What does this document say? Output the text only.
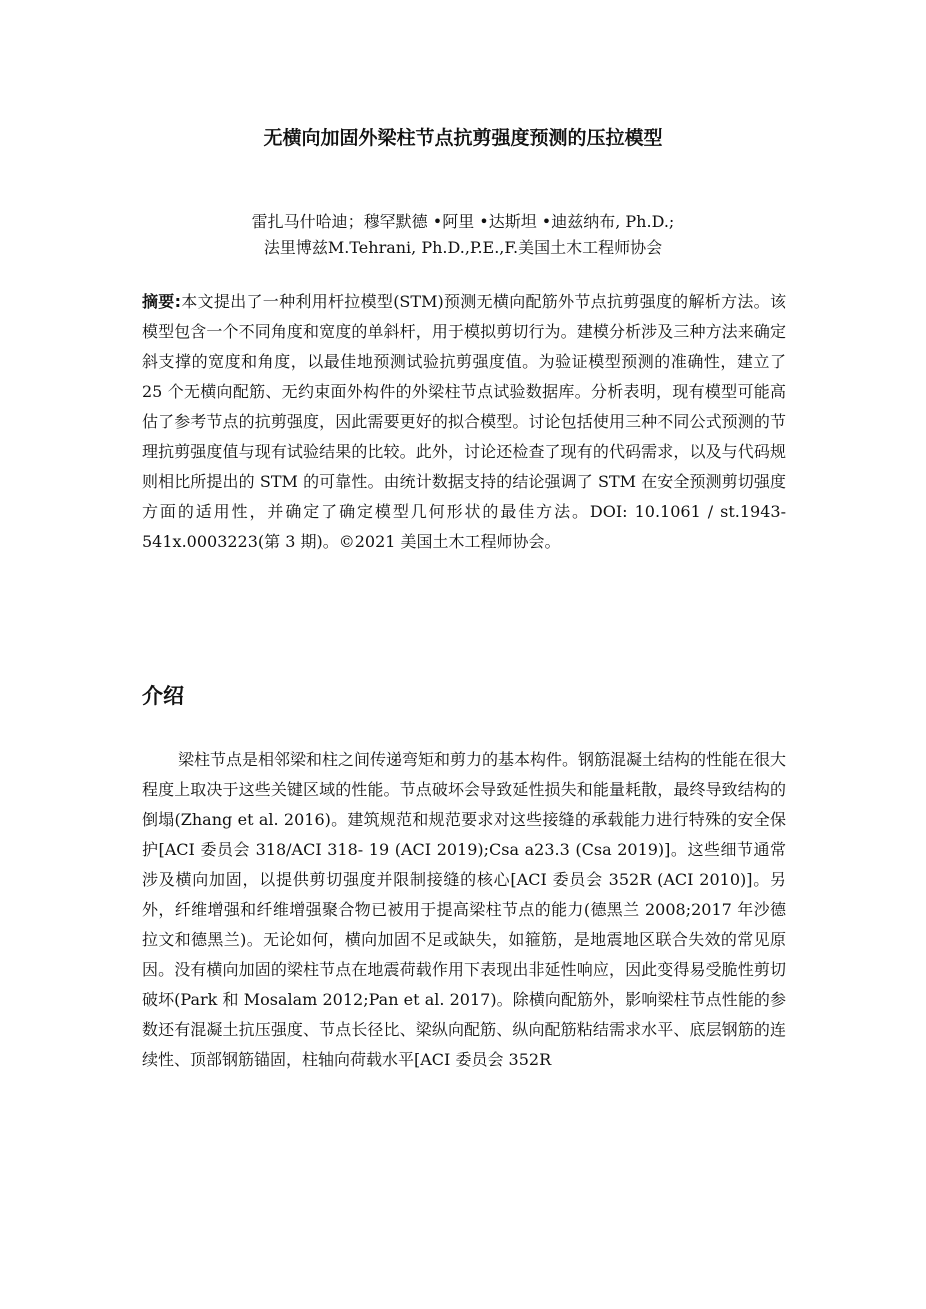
无横向加固外梁柱节点抗剪强度预测的压拉模型
雷扎马什哈迪；穆罕默德 •阿里 •达斯坦 •迪兹纳布, Ph.D.;
法里博兹M.Tehrani, Ph.D.,P.E.,F.美国土木工程师协会

摘要:本文提出了一种利用杆拉模型(STM)预测无横向配筋外节点抗剪强度的解析方法。该模型包含一个不同角度和宽度的单斜杆，用于模拟剪切行为。建模分析涉及三种方法来确定斜支撑的宽度和角度，以最佳地预测试验抗剪强度值。为验证模型预测的准确性，建立了 25 个无横向配筋、无约束面外构件的外梁柱节点试验数据库。分析表明，现有模型可能高估了参考节点的抗剪强度，因此需要更好的拟合模型。讨论包括使用三种不同公式预测的节理抗剪强度值与现有试验结果的比较。此外，讨论还检查了现有的代码需求，以及与代码规则相比所提出的 STM 的可靠性。由统计数据支持的结论强调了 STM 在安全预测剪切强度方面的适用性，并确定了确定模型几何形状的最佳方法。DOI: 10.1061 / st.1943‐541x.0003223(第 3 期)。©2021 美国土木工程师协会。

介绍

梁柱节点是相邻梁和柱之间传递弯矩和剪力的基本构件。钢筋混凝土结构的性能在很大程度上取决于这些关键区域的性能。节点破坏会导致延性损失和能量耗散，最终导致结构的倒塌(Zhang et al. 2016)。建筑规范和规范要求对这些接缝的承载能力进行特殊的安全保护[ACI 委员会 318/ACI 318- 19 (ACI 2019);Csa a23.3 (Csa 2019)]。这些细节通常涉及横向加固，以提供剪切强度并限制接缝的核心[ACI 委员会 352R (ACI 2010)]。另外，纤维增强和纤维增强聚合物已被用于提高梁柱节点的能力(德黑兰 2008;2017 年沙德拉文和德黑兰)。无论如何，横向加固不足或缺失，如箍筋，是地震地区联合失效的常见原因。没有横向加固的梁柱节点在地震荷载作用下表现出非延性响应，因此变得易受脆性剪切破坏(Park 和 Mosalam 2012;Pan et al. 2017)。除横向配筋外，影响梁柱节点性能的参数还有混凝土抗压强度、节点长径比、梁纵向配筋、纵向配筋粘结需求水平、底层钢筋的连续性、顶部钢筋锚固，柱轴向荷载水平[ACI 委员会 352R
